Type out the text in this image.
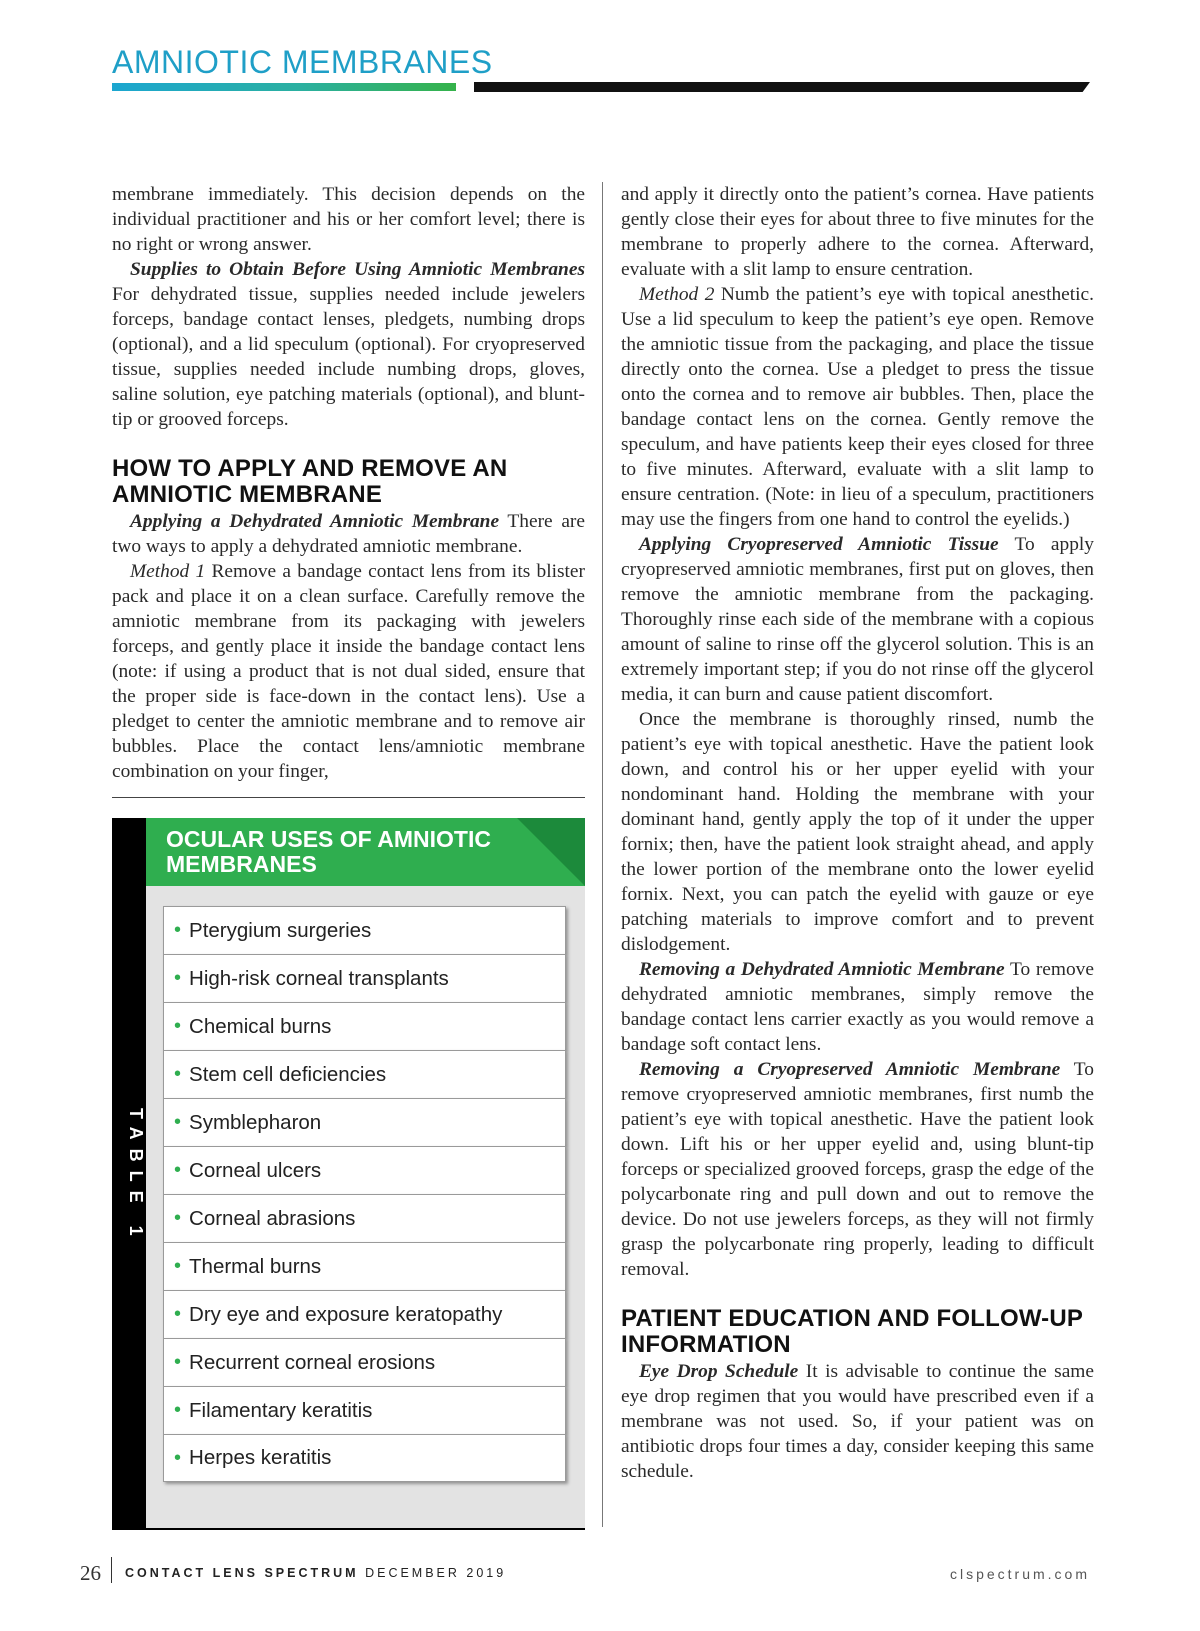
AMNIOTIC MEMBRANES

membrane immediately. This decision depends on the individual practitioner and his or her comfort level; there is no right or wrong answer.

Supplies to Obtain Before Using Amniotic Membranes For dehydrated tissue, supplies needed include jewelers forceps, bandage contact lenses, pledgets, numbing drops (optional), and a lid speculum (optional). For cryopreserved tissue, supplies needed include numbing drops, gloves, saline solution, eye patching materials (optional), and blunt-tip or grooved forceps.

HOW TO APPLY AND REMOVE AN AMNIOTIC MEMBRANE

Applying a Dehydrated Amniotic Membrane There are two ways to apply a dehydrated amniotic membrane.

Method 1 Remove a bandage contact lens from its blister pack and place it on a clean surface. Carefully remove the amniotic membrane from its packaging with jewelers forceps, and gently place it inside the bandage contact lens (note: if using a product that is not dual sided, ensure that the proper side is face-down in the contact lens). Use a pledget to center the amniotic membrane and to remove air bubbles. Place the contact lens/amniotic membrane combination on your finger,

TABLE 1
OCULAR USES OF AMNIOTIC MEMBRANES
• Pterygium surgeries
• High-risk corneal transplants
• Chemical burns
• Stem cell deficiencies
• Symblepharon
• Corneal ulcers
• Corneal abrasions
• Thermal burns
• Dry eye and exposure keratopathy
• Recurrent corneal erosions
• Filamentary keratitis
• Herpes keratitis

and apply it directly onto the patient’s cornea. Have patients gently close their eyes for about three to five minutes for the membrane to properly adhere to the cornea. Afterward, evaluate with a slit lamp to ensure centration.

Method 2 Numb the patient’s eye with topical anesthetic. Use a lid speculum to keep the patient’s eye open. Remove the amniotic tissue from the packaging, and place the tissue directly onto the cornea. Use a pledget to press the tissue onto the cornea and to remove air bubbles. Then, place the bandage contact lens on the cornea. Gently remove the speculum, and have patients keep their eyes closed for three to five minutes. Afterward, evaluate with a slit lamp to ensure centration. (Note: in lieu of a speculum, practitioners may use the fingers from one hand to control the eyelids.)

Applying Cryopreserved Amniotic Tissue To apply cryopreserved amniotic membranes, first put on gloves, then remove the amniotic membrane from the packaging. Thoroughly rinse each side of the membrane with a copious amount of saline to rinse off the glycerol solution. This is an extremely important step; if you do not rinse off the glycerol media, it can burn and cause patient discomfort.

Once the membrane is thoroughly rinsed, numb the patient’s eye with topical anesthetic. Have the patient look down, and control his or her upper eyelid with your nondominant hand. Holding the membrane with your dominant hand, gently apply the top of it under the upper fornix; then, have the patient look straight ahead, and apply the lower portion of the membrane onto the lower eyelid fornix. Next, you can patch the eyelid with gauze or eye patching materials to improve comfort and to prevent dislodgement.

Removing a Dehydrated Amniotic Membrane To remove dehydrated amniotic membranes, simply remove the bandage contact lens carrier exactly as you would remove a bandage soft contact lens.

Removing a Cryopreserved Amniotic Membrane To remove cryopreserved amniotic membranes, first numb the patient’s eye with topical anesthetic. Have the patient look down. Lift his or her upper eyelid and, using blunt-tip forceps or specialized grooved forceps, grasp the edge of the polycarbonate ring and pull down and out to remove the device. Do not use jewelers forceps, as they will not firmly grasp the polycarbonate ring properly, leading to difficult removal.

PATIENT EDUCATION AND FOLLOW-UP INFORMATION

Eye Drop Schedule It is advisable to continue the same eye drop regimen that you would have prescribed even if a membrane was not used. So, if your patient was on antibiotic drops four times a day, consider keeping this same schedule.

26 CONTACT LENS SPECTRUM DECEMBER 2019	clspectrum.com
